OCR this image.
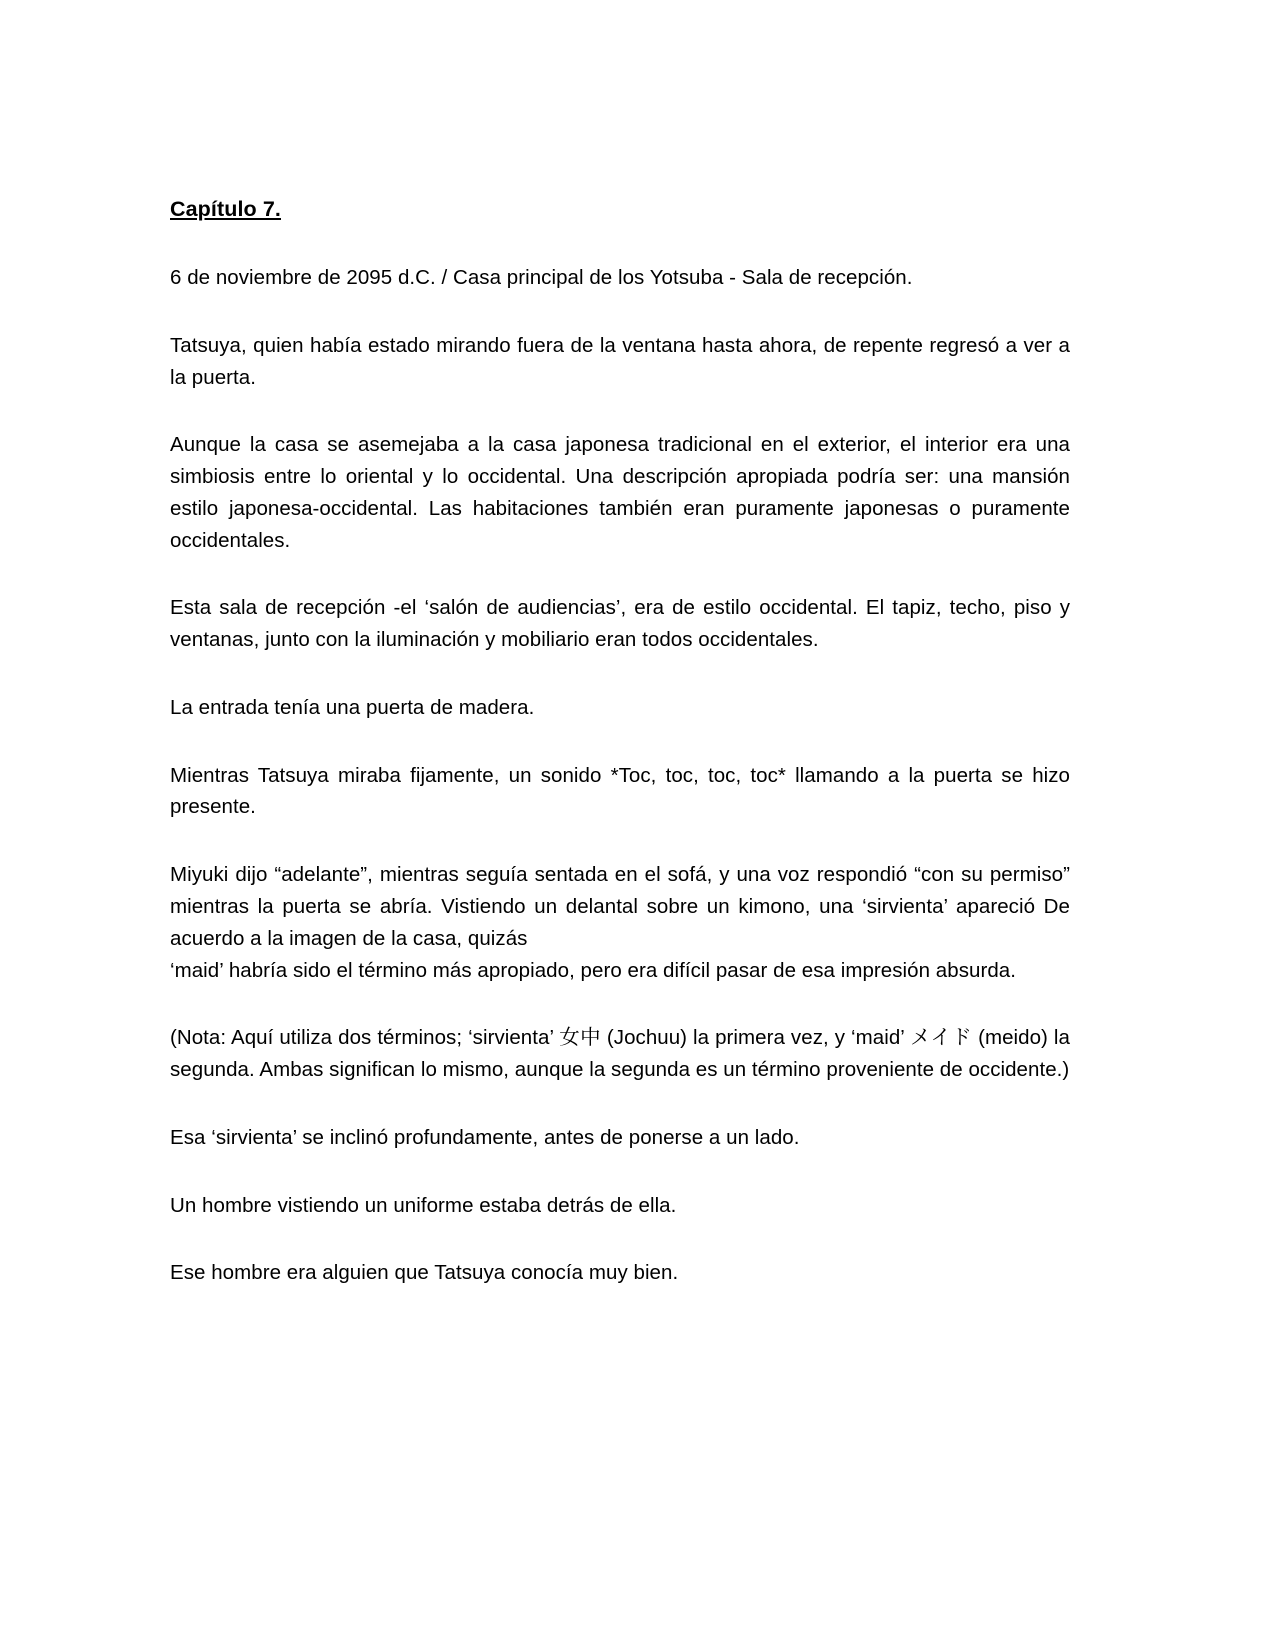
Capítulo 7.

6 de noviembre de 2095 d.C. / Casa principal de los Yotsuba - Sala de recepción.

Tatsuya, quien había estado mirando fuera de la ventana hasta ahora, de repente regresó a ver a la puerta.

Aunque la casa se asemejaba a la casa japonesa tradicional en el exterior, el interior era una simbiosis entre lo oriental y lo occidental. Una descripción apropiada podría ser: una mansión estilo japonesa-occidental. Las habitaciones también eran puramente japonesas o puramente occidentales.

Esta sala de recepción -el ‘salón de audiencias’, era de estilo occidental. El tapiz, techo, piso y ventanas, junto con la iluminación y mobiliario eran todos occidentales.

La entrada tenía una puerta de madera.

Mientras Tatsuya miraba fijamente, un sonido *Toc, toc, toc, toc* llamando a la puerta se hizo presente.

Miyuki dijo “adelante”, mientras seguía sentada en el sofá, y una voz respondió “con su permiso” mientras la puerta se abría. Vistiendo un delantal sobre un kimono, una ‘sirvienta’ apareció De acuerdo a la imagen de la casa, quizás

‘maid’ habría sido el término más apropiado, pero era difícil pasar de esa impresión absurda.

(Nota: Aquí utiliza dos términos; ‘sirvienta’ 女中 (Jochuu) la primera vez, y ‘maid’ メイド (meido) la segunda. Ambas significan lo mismo, aunque la segunda es un término proveniente de occidente.)

Esa ‘sirvienta’ se inclinó profundamente, antes de ponerse a un lado.

Un hombre vistiendo un uniforme estaba detrás de ella.

Ese hombre era alguien que Tatsuya conocía muy bien.
